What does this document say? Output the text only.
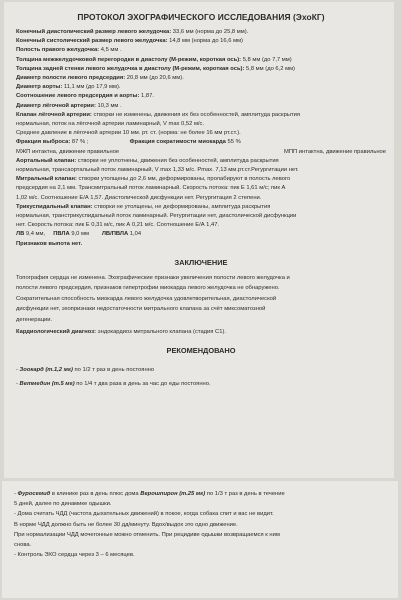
ПРОТОКОЛ ЭХОГРАФИЧЕСКОГО ИССЛЕДОВАНИЯ (ЭхоКГ)
Конечный диастолический размер левого желудочка: 33,6 мм (норма до 25,8 мм).
Конечный систолический размер левого желудочка: 14,8 мм (норма до 16,6 мм)
Полость правого желудочка: 4,5 мм .
Толщина межжелудочковой перегородки в диастолу (М-режим, короткая ось): 5,8 мм (до 7,7 мм)
Толщина задней стенки левого желудочка в диастолу (М-режим, короткая ось): 5,8 мм (до 6,2 мм)
Диаметр полости левого предсердия: 20,8 мм (до 20,6 мм).
Диаметр аорты: 11,1 мм (до 17,9 мм).
Соотношение левого предсердия и аорты: 1,87.
Диаметр лёгочной артерии: 10,3 мм .
Клапан лёгочной артерии: створки не изменены, движения их без особенностей, амплитуда раскрытия
нормальная, поток на лёгочной артерии ламинарный, V max 0,52 м/с.
Среднее давление в лёгочной артерии 10 мм. рт. ст. (норма: не более 16 мм рт.ст.).
Фракция выброса: 87 % ;	Фракция сократимости миокарда 55 %
МЖП интактна, движение правильное	МПП интактна, движение правильное
Аортальный клапан: створки не уплотнены, движения без особенностей, амплитуда раскрытия
нормальная, трансаортальный поток ламинарный, V max 1,33 м/с. Pmax. 7,13 мм.рт.ст.Регургитации нет.
Митральный клапан: створки утолщены до 2,6 мм, деформированы, пролабируют в полость левого
предсердия на 2,1 мм. Трансмитральный поток ламинарный. Скорость потока: пик Е 1,61 м/с; пик А
1,02 м/с. Соотношение Е/А 1,57. Диастолической дисфункции нет. Регургитация 2 степени.
Трикуспидальный клапан: створки не утолщены, не деформированы, амплитуда раскрытия
нормальная, транстрикуспидальный поток ламинарный. Регургитации нет, диастолической дисфункции
нет. Скорость потока: пик Е 0,31 м/с, пик А 0,21 м/с. Соотношение Е/А 1,47.
ЛВ 9,4 мм, ПВЛА 9,0 мм ЛВ/ПВЛА 1,04
Признаков выпота нет.
ЗАКЛЮЧЕНИЕ

Топография сердца не изменена. Эхографические признаки увеличения полости левого желудочка и

полости левого предсердия, признаков гипертрофии миокарда левого желудочка не обнаружено.

Сократительная способность миокарда левого желудочка удовлетворительная, диастолической

дисфункции нет, эхопризнаки недостаточности митрального клапана за счёт миксоматозной

дегенерации.

Кардиологический диагноз: эндокардиоз митрального клапана (стадия С1).
РЕКОМЕНДОВАНО

- Зоокард (т.1,2 мг) по 1/2 т раз в день постоянно

- Ветмедин (т.5 мг) по 1/4 т два раза в день за час до еды постоянно.

- Фуросемид в клинике раз в день плюс дома Верошпирон (т.25 мг) по 1/3 т раз в день в течение

5 дней, далее по динамике одышки.

- Дома считать ЧДД (частота дыхательных движений) в покое, когда собака спит и вас не видит.

В норме ЧДД должно быть не более 30 дд/минуту. Вдох/выдох это одно движение.

При нормализации ЧДД мочегонные можно отменить. При рецидиве одышки возвращаемся к ним

снова.

- Контроль ЭХО сердца через 3 – 6 месяцев.
